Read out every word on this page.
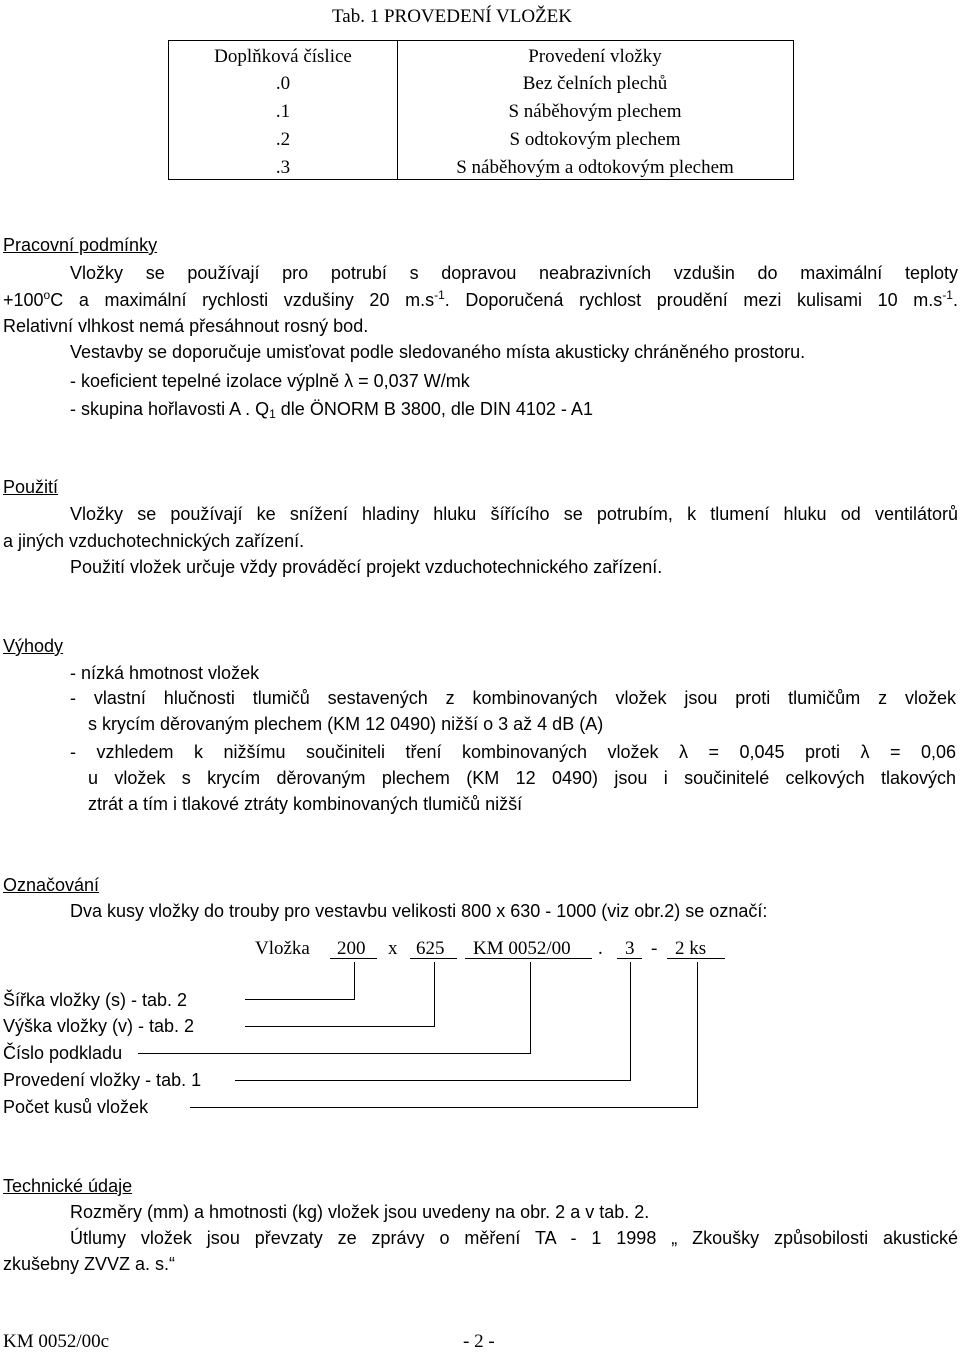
Tab. 1 PROVEDENÍ VLOŽEK
Doplňková číslice	Provedení vložky
.0	Bez čelních plechů
.1	S náběhovým plechem
.2	S odtokovým plechem
.3	S náběhovým a odtokovým plechem
Pracovní podmínky
Vložky se používají pro potrubí s dopravou neabrazivních vzdušin do maximální teploty
$+100^oC$ a maximální rychlosti vzdušiny 20 $m.s^{-1}$. Doporučená rychlost proudění mezi kulisami 10 $m.s^{-1}$.
Relativní vlhkost nemá přesáhnout rosný bod.
Vestavby se doporučuje umisťovat podle sledovaného místa akusticky chráněného prostoru.
- koeficient tepelné izolace výplně λ = 0,037 W/mk
- skupina hořlavosti A . $Q_1$ dle ÖNORM B 3800, dle DIN 4102 - A1
Použití
Vložky se používají ke snížení hladiny hluku šířícího se potrubím, k tlumení hluku od ventilátorů
a jiných vzduchotechnických zařízení.
Použití vložek určuje vždy prováděcí projekt vzduchotechnického zařízení.
Výhody
- nízká hmotnost vložek
- vlastní hlučnosti tlumičů sestavených z kombinovaných vložek jsou proti tlumičům z vložek
s krycím děrovaným plechem (KM 12 0490) nižší o 3 až 4 dB (A)
- vzhledem k nižšímu součiniteli tření kombinovaných vložek λ = 0,045 proti λ = 0,06
u vložek s krycím děrovaným plechem (KM 12 0490) jsou i součinitelé celkových tlakových
ztrát a tím i tlakové ztráty kombinovaných tlumičů nižší
Označování
Dva kusy vložky do trouby pro vestavbu velikosti 800 x 630 - 1000 (viz obr.2) se označí:
Vložka 200 x 625 KM 0052/00 . 3 - 2 ks
Šířka vložky (s) - tab. 2
Výška vložky (v) - tab. 2
Číslo podkladu
Provedení vložky - tab. 1
Počet kusů vložek
Technické údaje
Rozměry (mm) a hmotnosti (kg) vložek jsou uvedeny na obr. 2 a v tab. 2.
Útlumy vložek jsou převzaty ze zprávy o měření TA - 1 1998 „ Zkoušky způsobilosti akustické
zkušebny ZVVZ a. s.“
KM 0052/00c	- 2 -
